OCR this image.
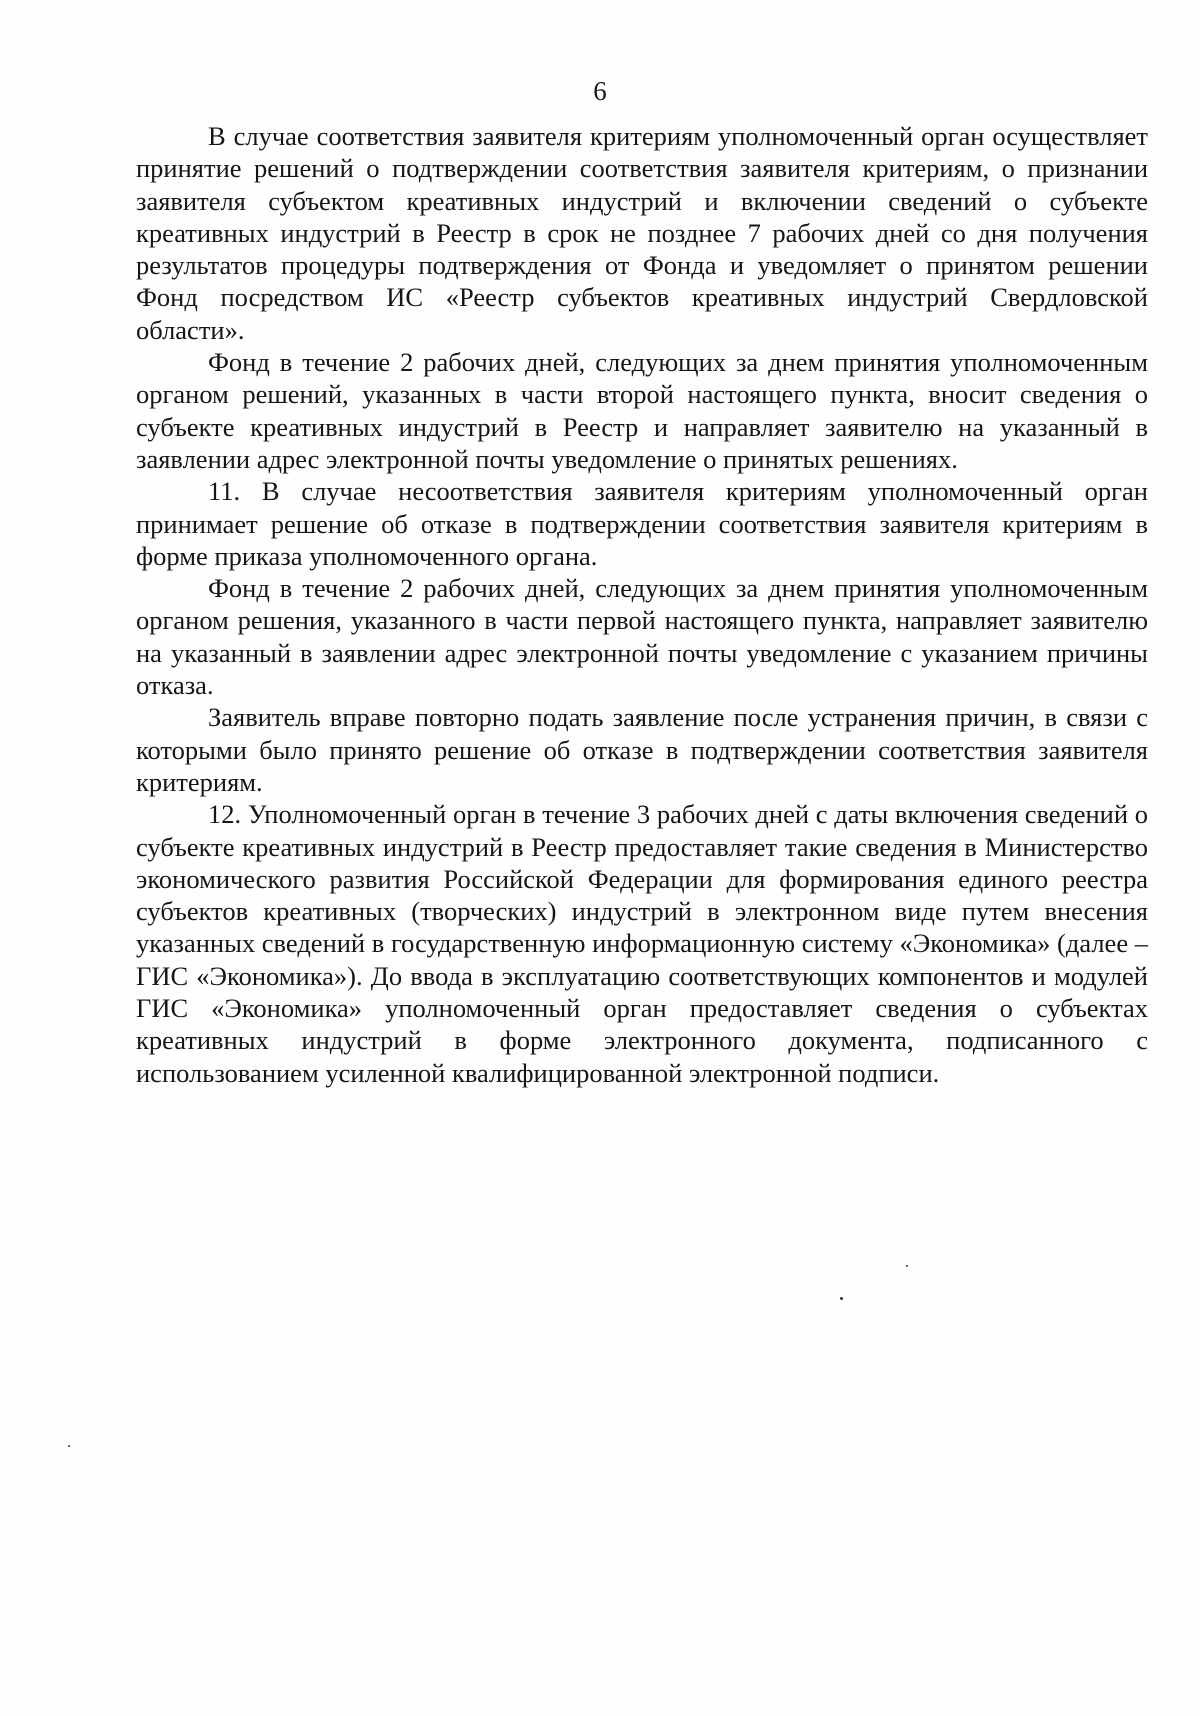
6

В случае соответствия заявителя критериям уполномоченный орган осуществляет принятие решений о подтверждении соответствия заявителя критериям, о признании заявителя субъектом креативных индустрий и включении сведений о субъекте креативных индустрий в Реестр в срок не позднее 7 рабочих дней со дня получения результатов процедуры подтверждения от Фонда и уведомляет о принятом решении Фонд посредством ИС «Реестр субъектов креативных индустрий Свердловской области».

Фонд в течение 2 рабочих дней, следующих за днем принятия уполномоченным органом решений, указанных в части второй настоящего пункта, вносит сведения о субъекте креативных индустрий в Реестр и направляет заявителю на указанный в заявлении адрес электронной почты уведомление о принятых решениях.

11. В случае несоответствия заявителя критериям уполномоченный орган принимает решение об отказе в подтверждении соответствия заявителя критериям в форме приказа уполномоченного органа.

Фонд в течение 2 рабочих дней, следующих за днем принятия уполномоченным органом решения, указанного в части первой настоящего пункта, направляет заявителю на указанный в заявлении адрес электронной почты уведомление с указанием причины отказа.

Заявитель вправе повторно подать заявление после устранения причин, в связи с которыми было принято решение об отказе в подтверждении соответствия заявителя критериям.

12. Уполномоченный орган в течение 3 рабочих дней с даты включения сведений о субъекте креативных индустрий в Реестр предоставляет такие сведения в Министерство экономического развития Российской Федерации для формирования единого реестра субъектов креативных (творческих) индустрий в электронном виде путем внесения указанных сведений в государственную информационную систему «Экономика» (далее – ГИС «Экономика»). До ввода в эксплуатацию соответствующих компонентов и модулей ГИС «Экономика» уполномоченный орган предоставляет сведения о субъектах креативных индустрий в форме электронного документа, подписанного с использованием усиленной квалифицированной электронной подписи.
